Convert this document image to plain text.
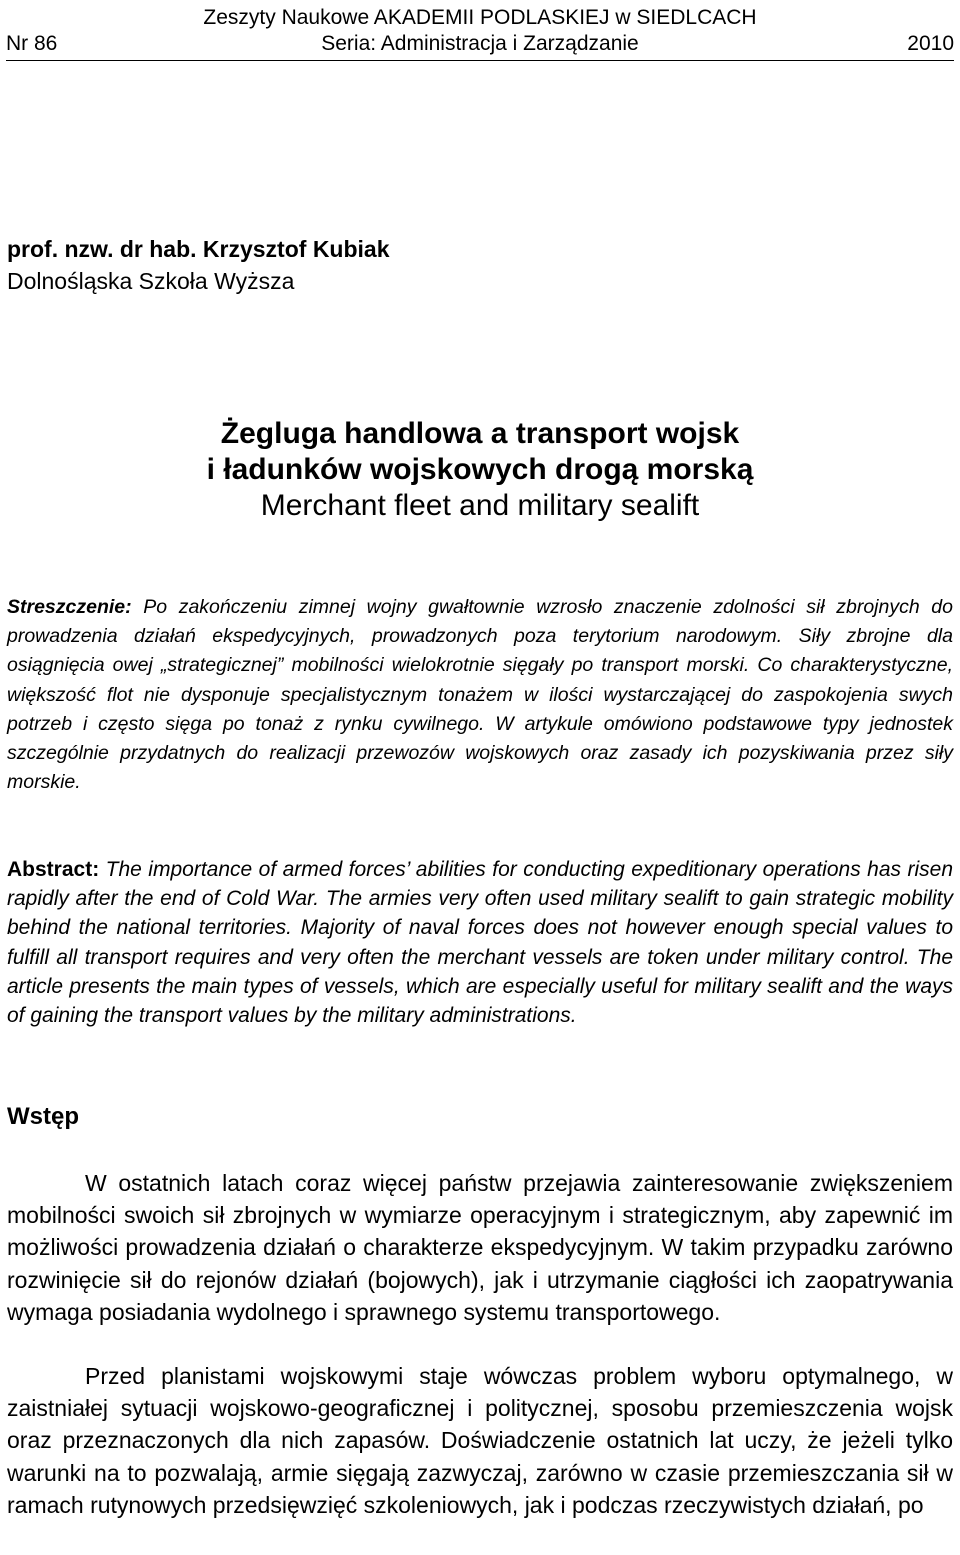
Zeszyty Naukowe AKADEMII PODLASKIEJ w SIEDLCACH
Nr 86	Seria: Administracja i Zarządzanie	2010
prof. nzw. dr hab. Krzysztof Kubiak
Dolnośląska Szkoła Wyższa
Żegluga handlowa a transport wojsk
i ładunków wojskowych drogą morską
Merchant fleet and military sealift
Streszczenie: Po zakończeniu zimnej wojny gwałtownie wzrosło znaczenie zdolności sił zbrojnych do prowadzenia działań ekspedycyjnych, prowadzonych poza terytorium narodowym. Siły zbrojne dla osiągnięcia owej „strategicznej” mobilności wielokrotnie sięgały po transport morski. Co charakterystyczne, większość flot nie dysponuje specjalistycznym tonażem w ilości wystarczającej do zaspokojenia swych potrzeb i często sięga po tonaż z rynku cywilnego. W artykule omówiono podstawowe typy jednostek szczególnie przydatnych do realizacji przewozów wojskowych oraz zasady ich pozyskiwania przez siły morskie.
Abstract: The importance of armed forces’ abilities for conducting expeditionary operations has risen rapidly after the end of Cold War. The armies very often used military sealift to gain strategic mobility behind the national territories. Majority of naval forces does not however enough special values to fulfill all transport requires and very often the merchant vessels are token under military control. The article presents the main types of vessels, which are especially useful for military sealift and the ways of gaining the transport values by the military administrations.
Wstęp
W ostatnich latach coraz więcej państw przejawia zainteresowanie zwiększeniem mobilności swoich sił zbrojnych w wymiarze operacyjnym i strategicznym, aby zapewnić im możliwości prowadzenia działań o charakterze ekspedycyjnym. W takim przypadku zarówno rozwinięcie sił do rejonów działań (bojowych), jak i utrzymanie ciągłości ich zaopatrywania wymaga posiadania wydolnego i sprawnego systemu transportowego.
Przed planistami wojskowymi staje wówczas problem wyboru optymalnego, w zaistniałej sytuacji wojskowo-geograficznej i politycznej, sposobu przemieszczenia wojsk oraz przeznaczonych dla nich zapasów. Doświadczenie ostatnich lat uczy, że jeżeli tylko warunki na to pozwalają, armie sięgają zazwyczaj, zarówno w czasie przemieszczania sił w ramach rutynowych przedsięwzięć szkoleniowych, jak i podczas rzeczywistych działań, po
